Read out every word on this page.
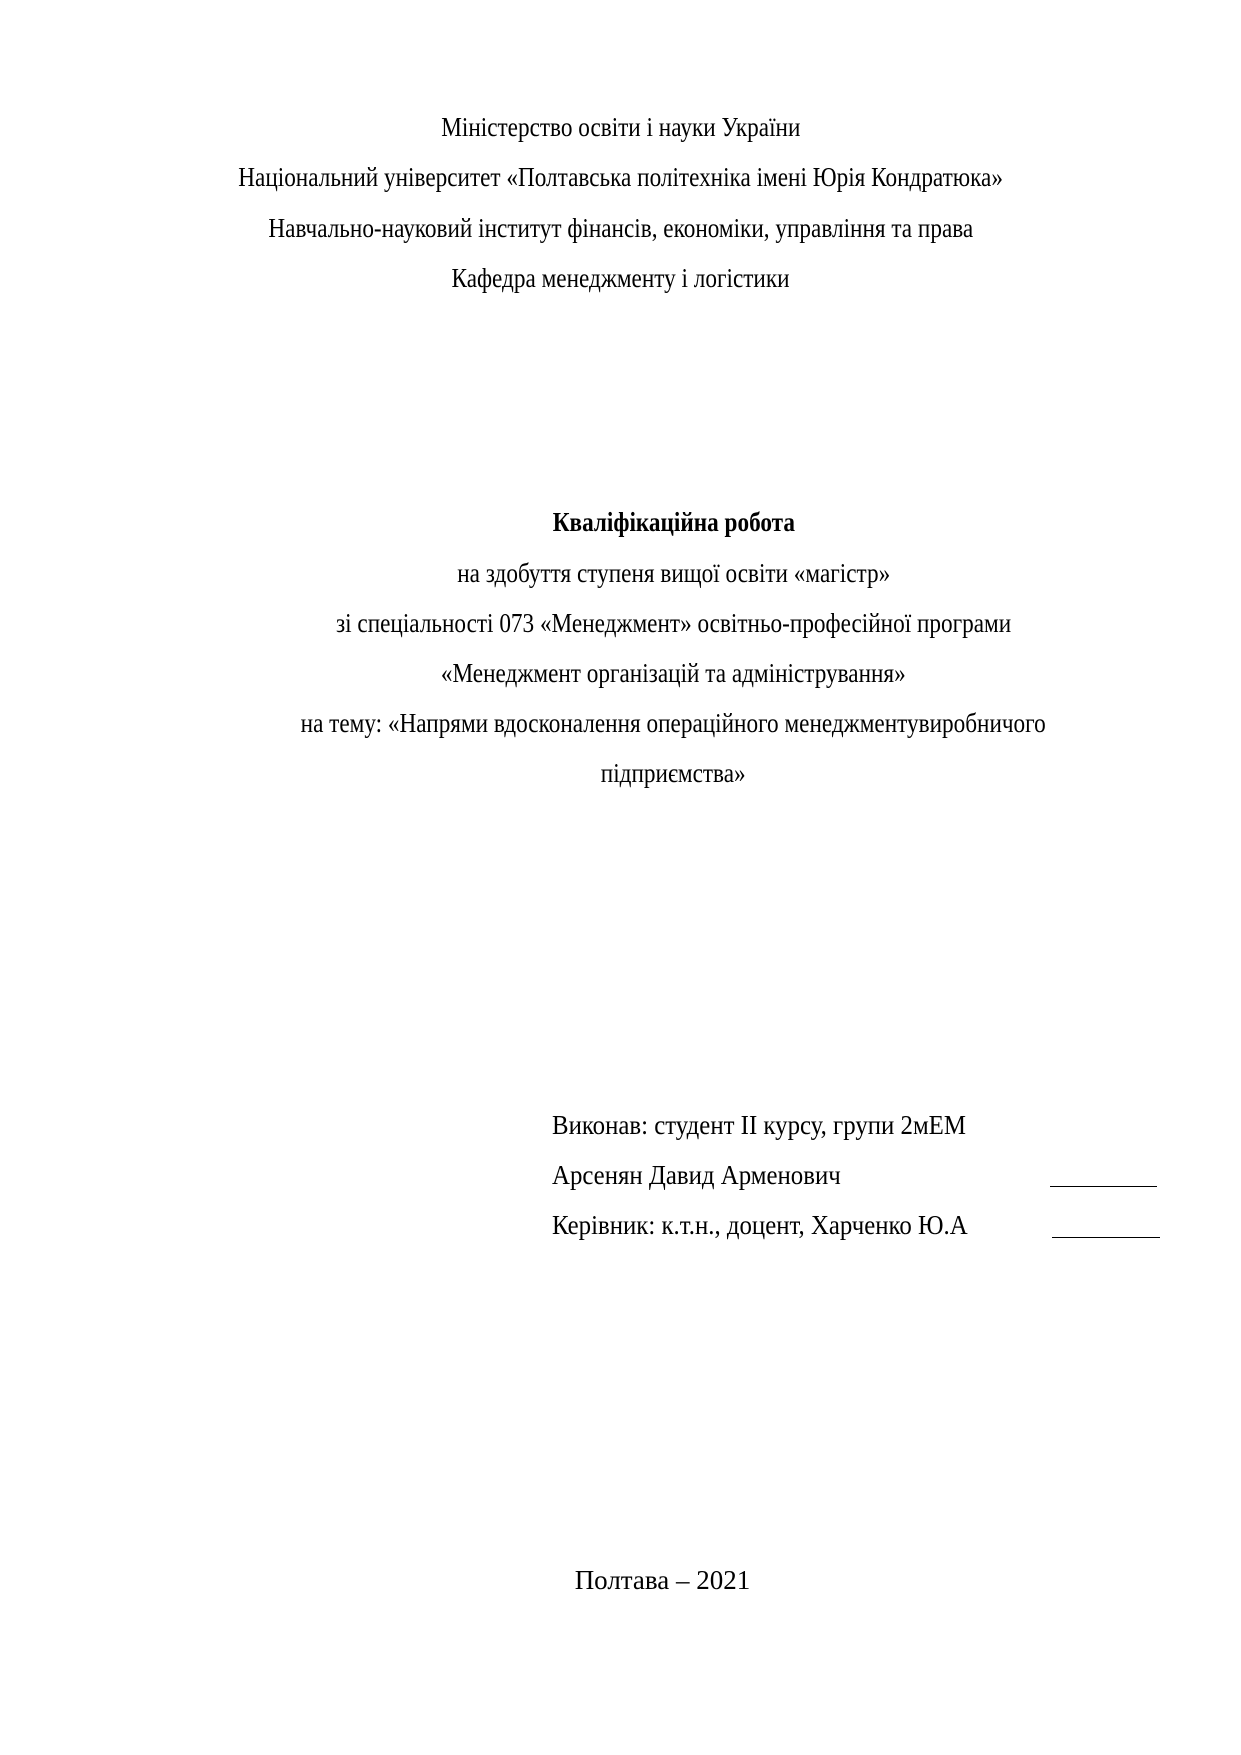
Міністерство освіти і науки України
Національний університет «Полтавська політехніка імені Юрія Кондратюка»
Навчально-науковий інститут фінансів, економіки, управління та права
Кафедра менеджменту і логістики
Кваліфікаційна робота
на здобуття ступеня вищої освіти «магістр»
зі спеціальності 073 «Менеджмент» освітньо-професійної програми
«Менеджмент організацій та адміністрування»
на тему: «Напрями вдосконалення операційного менеджментувиробничого
підприємства»
Виконав: студент ІІ курсу, групи 2мЕМ
Арсенян Давид Арменович
Керівник: к.т.н., доцент, Харченко Ю.А
Полтава – 2021
